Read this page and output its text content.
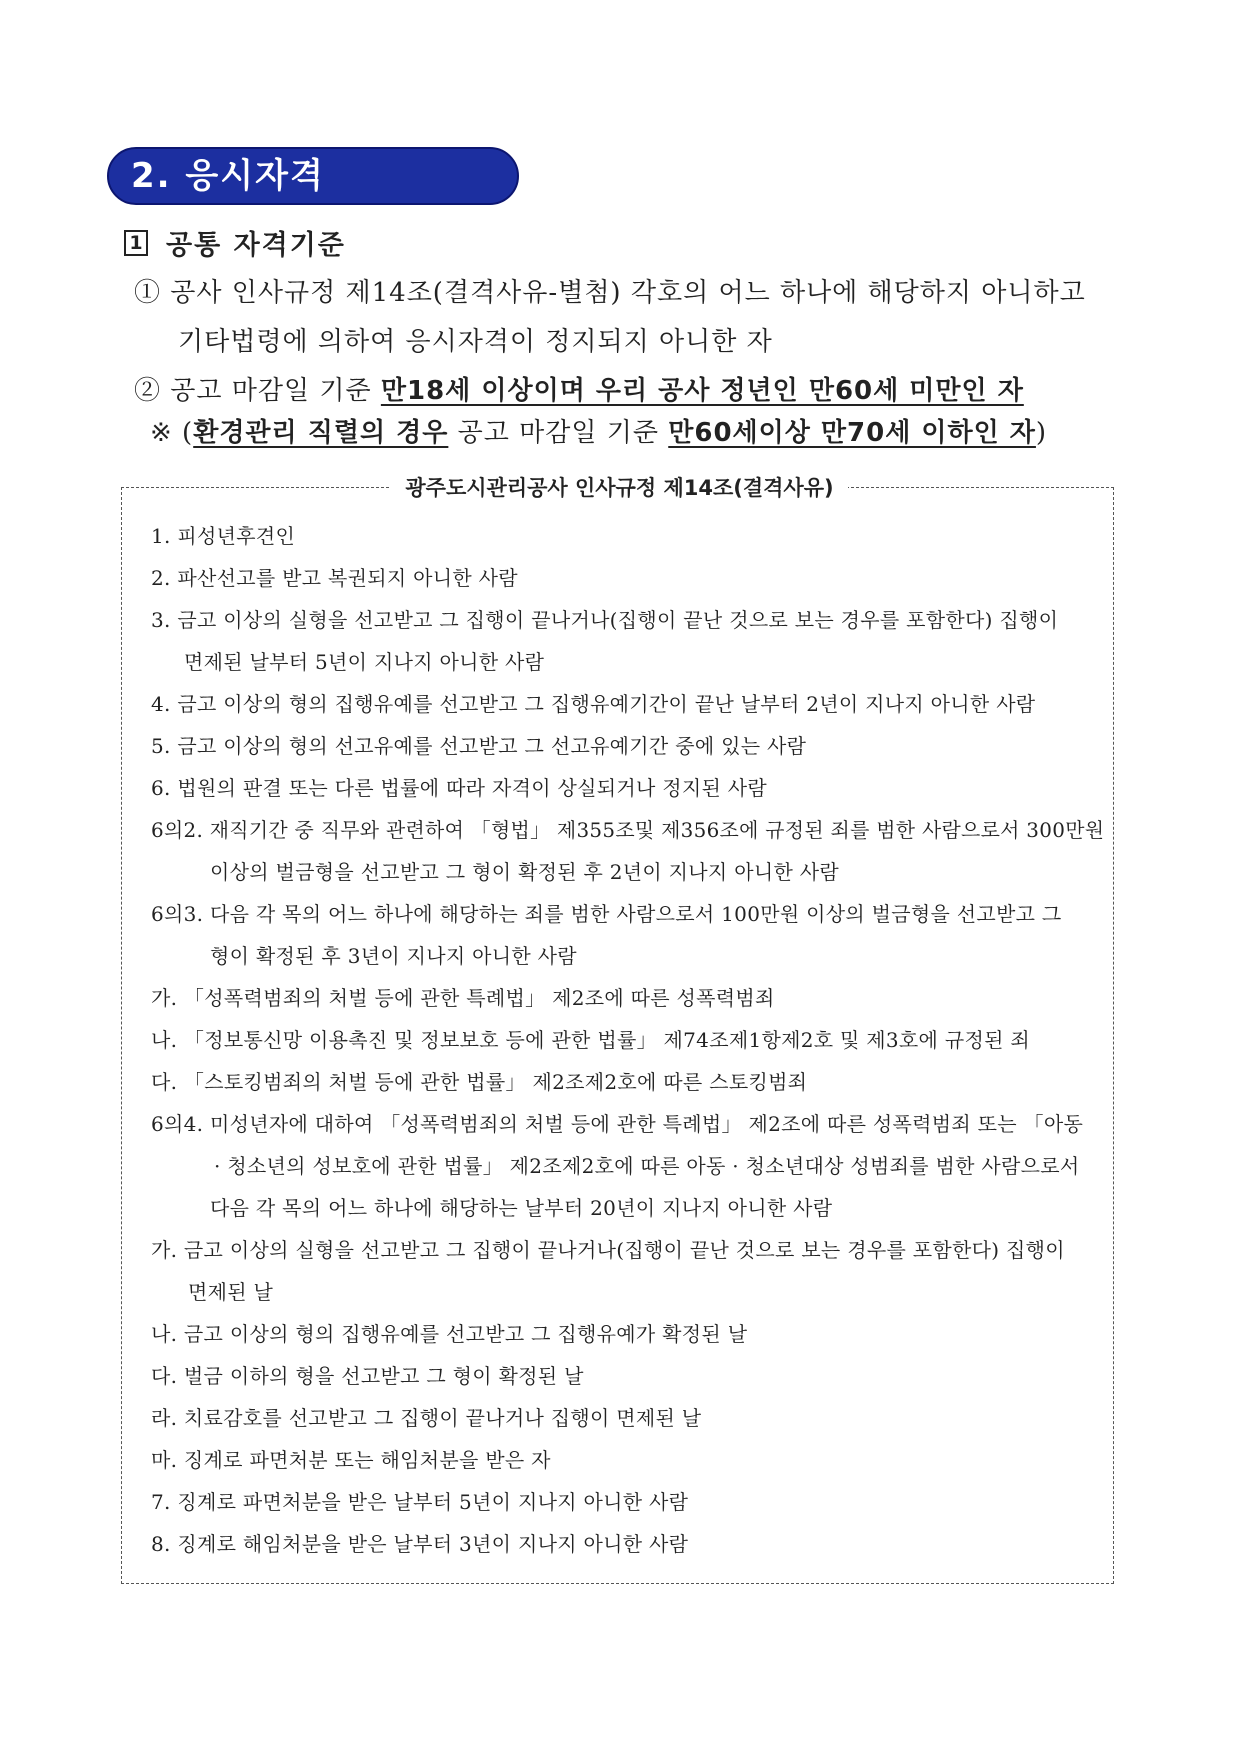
2. 응시자격
1 공통 자격기준
① 공사 인사규정 제14조(결격사유-별첨) 각호의 어느 하나에 해당하지 아니하고
기타법령에 의하여 응시자격이 정지되지 아니한 자
② 공고 마감일 기준 만18세 이상이며 우리 공사 정년인 만60세 미만인 자
※ (환경관리 직렬의 경우 공고 마감일 기준 만60세이상 만70세 이하인 자)
광주도시관리공사 인사규정 제14조(결격사유)
1. 피성년후견인
2. 파산선고를 받고 복권되지 아니한 사람
3. 금고 이상의 실형을 선고받고 그 집행이 끝나거나(집행이 끝난 것으로 보는 경우를 포함한다) 집행이
면제된 날부터 5년이 지나지 아니한 사람
4. 금고 이상의 형의 집행유예를 선고받고 그 집행유예기간이 끝난 날부터 2년이 지나지 아니한 사람
5. 금고 이상의 형의 선고유예를 선고받고 그 선고유예기간 중에 있는 사람
6. 법원의 판결 또는 다른 법률에 따라 자격이 상실되거나 정지된 사람
6의2. 재직기간 중 직무와 관련하여 「형법」 제355조및 제356조에 규정된 죄를 범한 사람으로서 300만원
이상의 벌금형을 선고받고 그 형이 확정된 후 2년이 지나지 아니한 사람
6의3. 다음 각 목의 어느 하나에 해당하는 죄를 범한 사람으로서 100만원 이상의 벌금형을 선고받고 그
형이 확정된 후 3년이 지나지 아니한 사람
가. 「성폭력범죄의 처벌 등에 관한 특례법」 제2조에 따른 성폭력범죄
나. 「정보통신망 이용촉진 및 정보보호 등에 관한 법률」 제74조제1항제2호 및 제3호에 규정된 죄
다. 「스토킹범죄의 처벌 등에 관한 법률」 제2조제2호에 따른 스토킹범죄
6의4. 미성년자에 대하여 「성폭력범죄의 처벌 등에 관한 특례법」 제2조에 따른 성폭력범죄 또는 「아동
· 청소년의 성보호에 관한 법률」 제2조제2호에 따른 아동 · 청소년대상 성범죄를 범한 사람으로서
다음 각 목의 어느 하나에 해당하는 날부터 20년이 지나지 아니한 사람
가. 금고 이상의 실형을 선고받고 그 집행이 끝나거나(집행이 끝난 것으로 보는 경우를 포함한다) 집행이
면제된 날
나. 금고 이상의 형의 집행유예를 선고받고 그 집행유예가 확정된 날
다. 벌금 이하의 형을 선고받고 그 형이 확정된 날
라. 치료감호를 선고받고 그 집행이 끝나거나 집행이 면제된 날
마. 징계로 파면처분 또는 해임처분을 받은 자
7. 징계로 파면처분을 받은 날부터 5년이 지나지 아니한 사람
8. 징계로 해임처분을 받은 날부터 3년이 지나지 아니한 사람
